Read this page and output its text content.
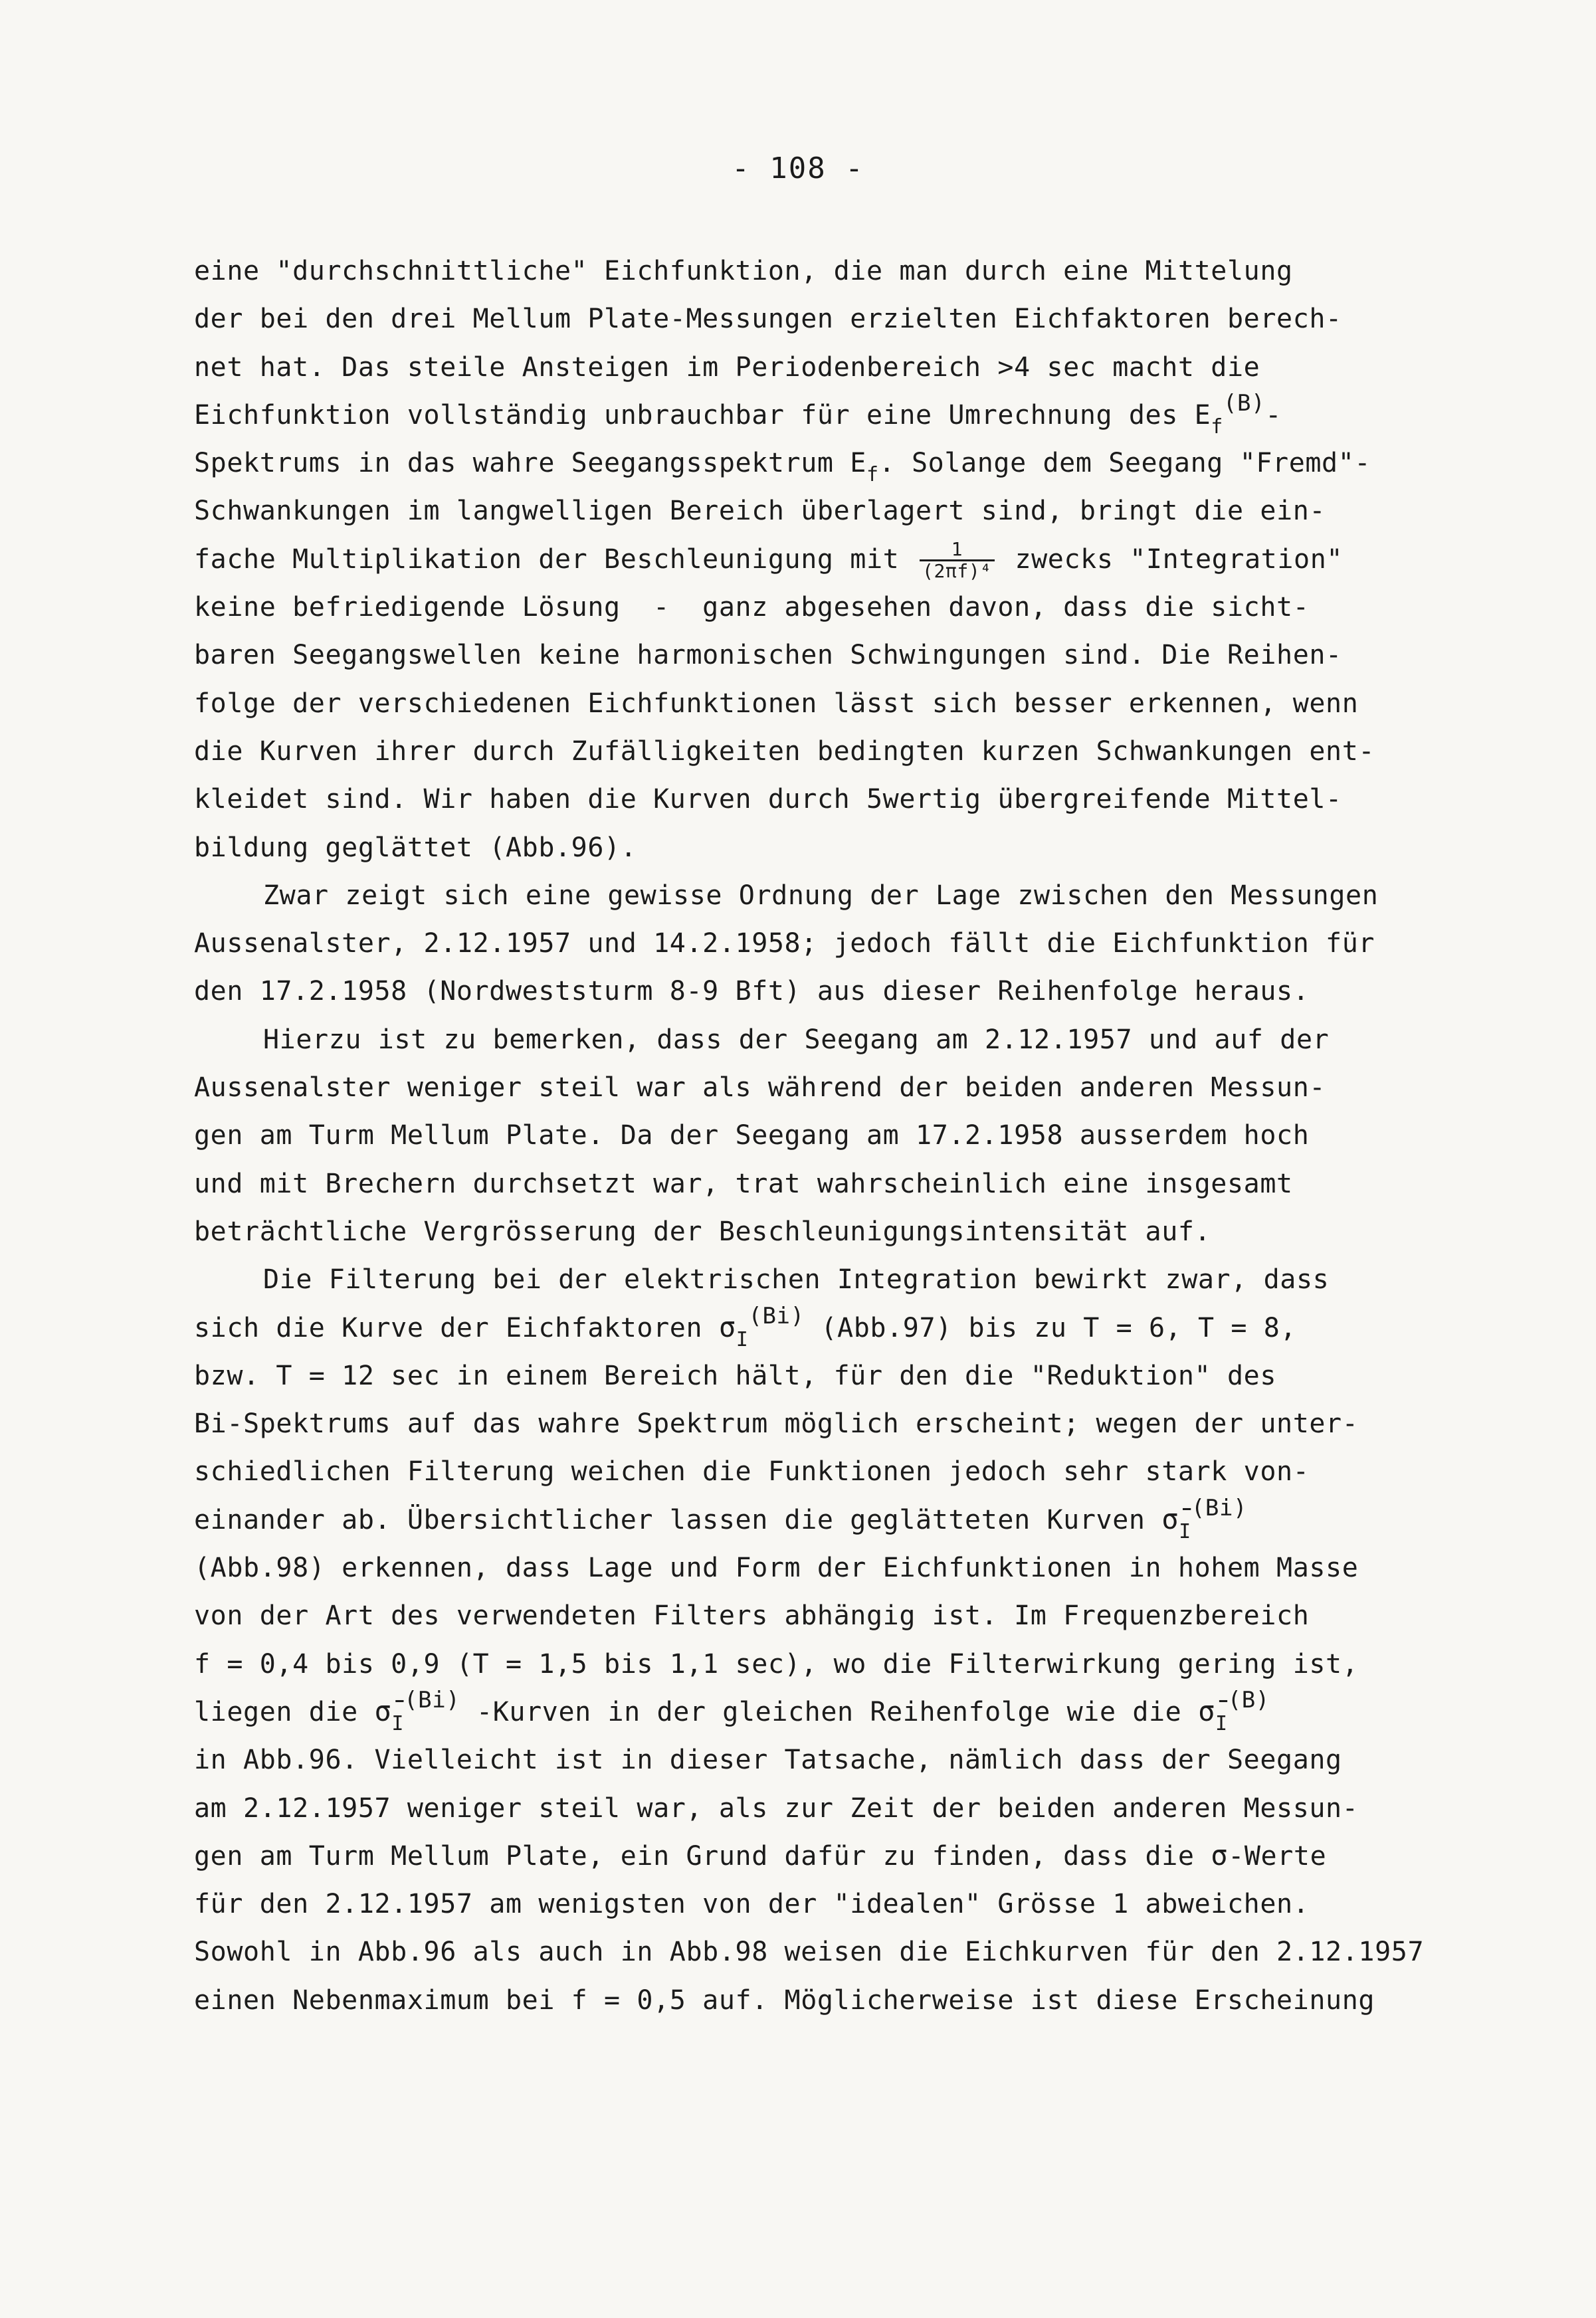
- 108 -
eine "durchschnittliche" Eichfunktion, die man durch eine Mittelung
der bei den drei Mellum Plate-Messungen erzielten Eichfaktoren berech-
net hat. Das steile Ansteigen im Periodenbereich >4 sec macht die
Eichfunktion vollständig unbrauchbar für eine Umrechnung des $E_f^{(B)}-$
Spektrums in das wahre Seegangsspektrum $E_f$. Solange dem Seegang "Fremd"-
Schwankungen im langwelligen Bereich überlagert sind, bringt die ein-
fache Multiplikation der Beschleunigung mit $\frac{1}{\text{(2πf)⁴}}$ zwecks "Integration"
keine befriedigende Lösung  -  ganz abgesehen davon, dass die sicht-
baren Seegangswellen keine harmonischen Schwingungen sind. Die Reihen-
folge der verschiedenen Eichfunktionen lässt sich besser erkennen, wenn
die Kurven ihrer durch Zufälligkeiten bedingten kurzen Schwankungen ent-
kleidet sind. Wir haben die Kurven durch 5wertig übergreifende Mittel-
bildung geglättet (Abb.96).
Zwar zeigt sich eine gewisse Ordnung der Lage zwischen den Messungen
Aussenalster, 2.12.1957 und 14.2.1958; jedoch fällt die Eichfunktion für
den 17.2.1958 (Nordweststurm 8-9 Bft) aus dieser Reihenfolge heraus.
Hierzu ist zu bemerken, dass der Seegang am 2.12.1957 und auf der
Aussenalster weniger steil war als während der beiden anderen Messun-
gen am Turm Mellum Plate. Da der Seegang am 17.2.1958 ausserdem hoch
und mit Brechern durchsetzt war, trat wahrscheinlich eine insgesamt
beträchtliche Vergrösserung der Beschleunigungsintensität auf.
Die Filterung bei der elektrischen Integration bewirkt zwar, dass
sich die Kurve der Eichfaktoren $\sigma_I^{(Bi)}$ (Abb.97) bis zu T = 6, T = 8,
bzw. T = 12 sec in einem Bereich hält, für den die "Reduktion" des
Bi-Spektrums auf das wahre Spektrum möglich erscheint; wegen der unter-
schiedlichen Filterung weichen die Funktionen jedoch sehr stark von-
einander ab. Übersichtlicher lassen die geglätteten Kurven $\sigmā_I^{(Bi)}$
(Abb.98) erkennen, dass Lage und Form der Eichfunktionen in hohem Masse
von der Art des verwendeten Filters abhängig ist. Im Frequenzbereich
f = 0,4 bis 0,9 (T = 1,5 bis 1,1 sec), wo die Filterwirkung gering ist,
liegen die $\sigmā_I^{(Bi)}$ -Kurven in der gleichen Reihenfolge wie die $\sigmā_I^{(B)}$
in Abb.96. Vielleicht ist in dieser Tatsache, nämlich dass der Seegang
am 2.12.1957 weniger steil war, als zur Zeit der beiden anderen Messun-
gen am Turm Mellum Plate, ein Grund dafür zu finden, dass die σ-Werte
für den 2.12.1957 am wenigsten von der "idealen" Grösse 1 abweichen.
Sowohl in Abb.96 als auch in Abb.98 weisen die Eichkurven für den 2.12.1957
einen Nebenmaximum bei f = 0,5 auf. Möglicherweise ist diese Erscheinung
